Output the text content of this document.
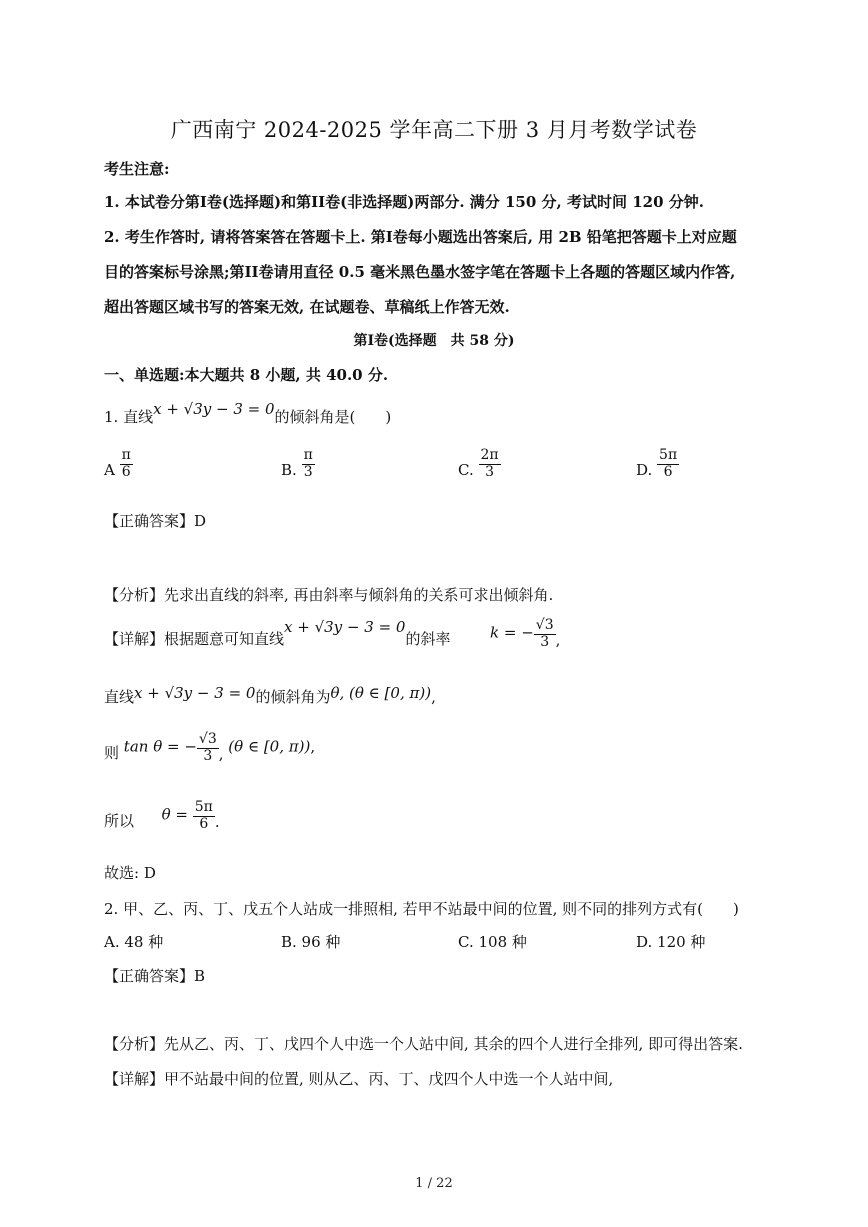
广西南宁 2024-2025 学年高二下册 3 月月考数学试卷
考生注意:
1. 本试卷分第I卷(选择题)和第II卷(非选择题)两部分. 满分 150 分, 考试时间 120 分钟.
2. 考生作答时, 请将答案答在答题卡上. 第I卷每小题选出答案后, 用 2B 铅笔把答题卡上对应题
目的答案标号涂黑;第II卷请用直径 0.5 毫米黑色墨水签字笔在答题卡上各题的答题区域内作答,
超出答题区域书写的答案无效, 在试题卷、草稿纸上作答无效.
第I卷(选择题　共 58 分)
一、单选题:本大题共 8 小题, 共 40.0 分.
1. 直线x + √3y − 3 = 0的倾斜角是(　　)
A $\frac{\pi}{6}$	B. $\frac{\pi}{3}$	C. $\frac{2\pi}{3}$	D. $\frac{5\pi}{6}$
【正确答案】D
【分析】先求出直线的斜率, 再由斜率与倾斜角的关系可求出倾斜角.
【详解】根据题意可知直线x + √3y − 3 = 0的斜率	k = − $\frac{√3}{3}$ ,
直线x + √3y − 3 = 0的倾斜角为θ, (θ ∈ [0, π)),
则 tan θ = − $\frac{√3}{3}$ , (θ ∈ [0, π)),
所以 $\theta = \frac{5\pi}{6}$ .
故选: D
2. 甲、乙、丙、丁、戊五个人站成一排照相, 若甲不站最中间的位置, 则不同的排列方式有(　　)
A. 48 种	B. 96 种	C. 108 种	D. 120 种
【正确答案】B
【分析】先从乙、丙、丁、戊四个人中选一个人站中间, 其余的四个人进行全排列, 即可得出答案.
【详解】甲不站最中间的位置, 则从乙、丙、丁、戊四个人中选一个人站中间,
1 / 22
